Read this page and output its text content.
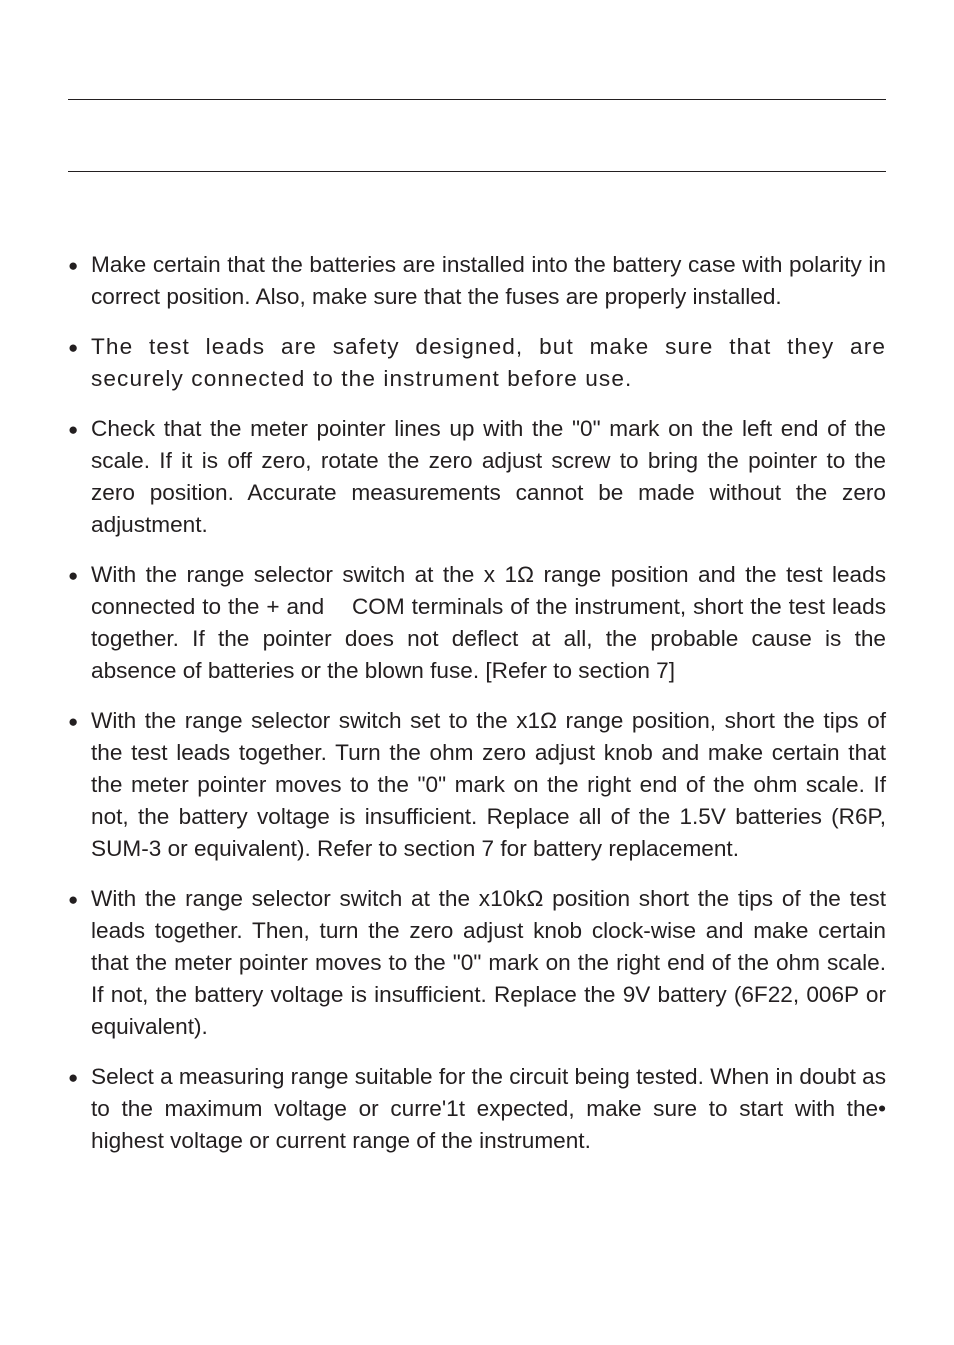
● Make certain that the batteries are installed into the battery case with polarity in correct position. Also, make sure that the fuses are properly installed.
● The test leads are safety designed, but make sure that they are securely connected to the instrument before use.
● Check that the meter pointer lines up with the "0" mark on the left end of the scale. If it is off zero, rotate the zero adjust screw to bring the pointer to the zero position. Accurate measurements cannot be made without the zero adjustment.
● With the range selector switch at the x 1Ω range position and the test leads connected to the + and    COM terminals of the instrument, short the test leads together. If the pointer does not deflect at all, the probable cause is the absence of batteries or the blown fuse. [Refer to section 7]
● With the range selector switch set to the x1Ω range position, short the tips of the test leads together. Turn the ohm zero adjust knob and make certain that the meter pointer moves to the "0" mark on the right end of the ohm scale. If not, the battery voltage is insufficient. Replace all of the 1.5V batteries (R6P, SUM-3 or equivalent). Refer to section 7 for battery replacement.
● With the range selector switch at the x10kΩ position short the tips of the test leads together. Then, turn the zero adjust knob clock-wise and make certain that the meter pointer moves to the "0" mark on the right end of the ohm scale. If not, the battery voltage is insufficient. Replace the 9V battery (6F22, 006P or equivalent).
● Select a measuring range suitable for the circuit being tested. When in doubt as to the maximum voltage or curre'1t expected, make sure to start with the• highest voltage or current range of the instrument.
